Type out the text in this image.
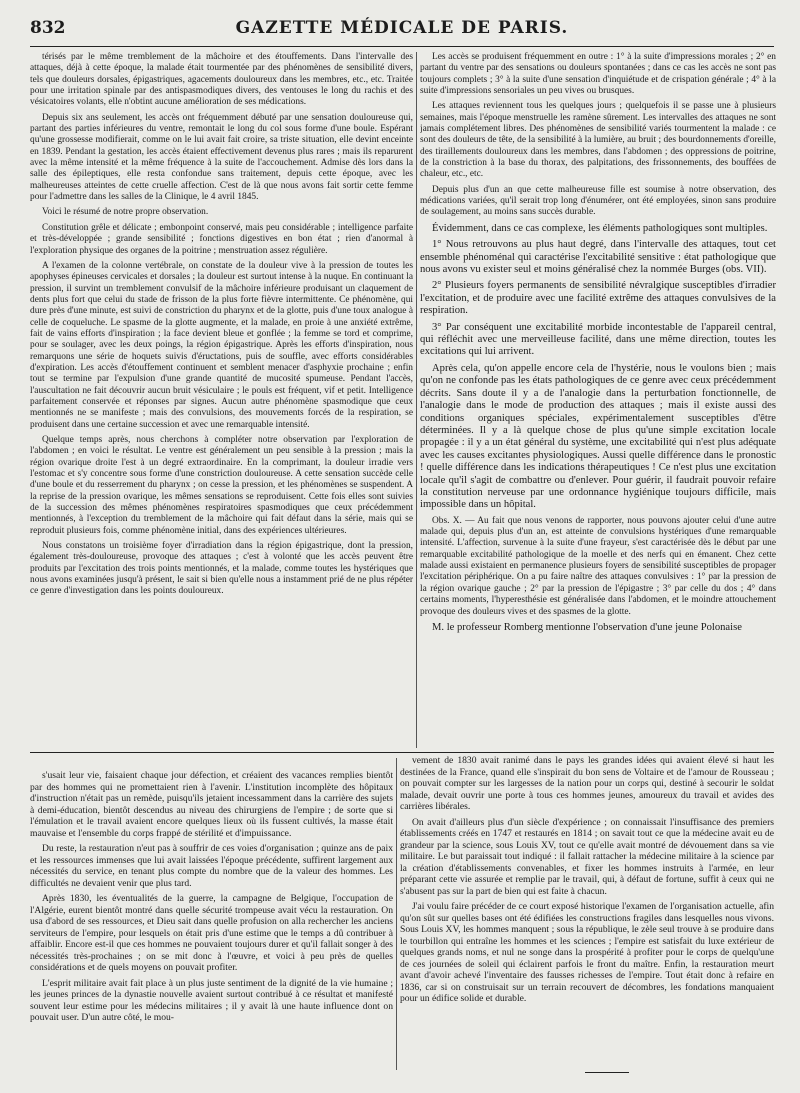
832	GAZETTE MÉDICALE DE PARIS.

térisés par le même tremblement de la mâchoire et des étouffements. Dans l'intervalle des attaques, déjà à cette époque, la malade était tourmentée par des phénomènes de sensibilité divers, tels que douleurs dorsales, épigastriques, agacements douloureux dans les membres, etc., etc. Traitée pour une irritation spinale par des antispasmodiques divers, des ventouses le long du rachis et des vésicatoires volants, elle n'obtint aucune amélioration de ses médications.

Depuis six ans seulement, les accès ont fréquemment débuté par une sensation douloureuse qui, partant des parties inférieures du ventre, remontait le long du col sous forme d'une boule. Espérant qu'une grossesse modifierait, comme on le lui avait fait croire, sa triste situation, elle devint enceinte en 1839. Pendant la gestation, les accès étaient effectivement devenus plus rares ; mais ils reparurent avec la même intensité et la même fréquence à la suite de l'accouchement. Admise dès lors dans la salle des épileptiques, elle resta confondue sans traitement, depuis cette époque, avec les malheureuses atteintes de cette cruelle affection. C'est de là que nous avons fait sortir cette femme pour l'admettre dans les salles de la Clinique, le 4 avril 1845.

Voici le résumé de notre propre observation.

Constitution grêle et délicate ; embonpoint conservé, mais peu considérable ; intelligence parfaite et très-développée ; grande sensibilité ; fonctions digestives en bon état ; rien d'anormal à l'exploration physique des organes de la poitrine ; menstruation assez régulière.

A l'examen de la colonne vertébrale, on constate de la douleur vive à la pression de toutes les apophyses épineuses cervicales et dorsales ; la douleur est surtout intense à la nuque. En continuant la pression, il survint un tremblement convulsif de la mâchoire inférieure produisant un claquement de dents plus fort que celui du stade de frisson de la plus forte fièvre intermittente. Ce phénomène, qui dure près d'une minute, est suivi de constriction du pharynx et de la glotte, puis d'une toux analogue à celle de coqueluche. Le spasme de la glotte augmente, et la malade, en proie à une anxiété extrême, fait de vains efforts d'inspiration ; la face devient bleue et gonflée ; la femme se tord et comprime, pour se soulager, avec les deux poings, la région épigastrique. Après les efforts d'inspiration, nous remarquons une série de hoquets suivis d'éructations, puis de souffle, avec efforts considérables d'expiration. Les accès d'étouffement continuent et semblent menacer d'asphyxie prochaine ; enfin tout se termine par l'expulsion d'une grande quantité de mucosité spumeuse. Pendant l'accès, l'auscultation ne fait découvrir aucun bruit vésiculaire ; le pouls est fréquent, vif et petit. Intelligence parfaitement conservée et réponses par signes. Aucun autre phénomène spasmodique que ceux mentionnés ne se manifeste ; mais des convulsions, des mouvements forcés de la respiration, se produisent dans une certaine succession et avec une remarquable intensité.

Quelque temps après, nous cherchons à compléter notre observation par l'exploration de l'abdomen ; en voici le résultat. Le ventre est généralement un peu sensible à la pression ; mais la région ovarique droite l'est à un degré extraordinaire. En la comprimant, la douleur irradie vers l'estomac et s'y concentre sous forme d'une constriction douloureuse. A cette sensation succède celle d'une boule et du resserrement du pharynx ; on cesse la pression, et les phénomènes se suspendent. A la reprise de la pression ovarique, les mêmes sensations se reproduisent. Cette fois elles sont suivies de la succession des mêmes phénomènes respiratoires spasmodiques que ceux précédemment mentionnés, à l'exception du tremblement de la mâchoire qui fait défaut dans la série, mais qui se reproduit plusieurs fois, comme phénomène initial, dans des expériences ultérieures.

Nous constatons un troisième foyer d'irradiation dans la région épigastrique, dont la pression, également très-douloureuse, provoque des attaques ; c'est à volonté que les accès peuvent être produits par l'excitation des trois points mentionnés, et la malade, comme toutes les hystériques que nous avons examinées jusqu'à présent, le sait si bien qu'elle nous a instamment prié de ne plus répéter ce genre d'investigation dans les points douloureux.

Les accès se produisent fréquemment en outre : 1° à la suite d'impressions morales ; 2° en partant du ventre par des sensations ou douleurs spontanées ; dans ce cas les accès ne sont pas toujours complets ; 3° à la suite d'une sensation d'inquiétude et de crispation générale ; 4° à la suite d'impressions sensoriales un peu vives ou brusques.

Les attaques reviennent tous les quelques jours ; quelquefois il se passe une à plusieurs semaines, mais l'époque menstruelle les ramène sûrement. Les intervalles des attaques ne sont jamais complétement libres. Des phénomènes de sensibilité variés tourmentent la malade : ce sont des douleurs de tête, de la sensibilité à la lumière, au bruit ; des bourdonnements d'oreille, des tiraillements douloureux dans les membres, dans l'abdomen ; des oppressions de poitrine, de la constriction à la base du thorax, des palpitations, des frissonnements, des bouffées de chaleur, etc., etc.

Depuis plus d'un an que cette malheureuse fille est soumise à notre observation, des médications variées, qu'il serait trop long d'énumérer, ont été employées, sinon sans produire de soulagement, au moins sans succès durable.

Évidemment, dans ce cas complexe, les éléments pathologiques sont multiples.

1° Nous retrouvons au plus haut degré, dans l'intervalle des attaques, tout cet ensemble phénoménal qui caractérise l'excitabilité sensitive : état pathologique que nous avons vu exister seul et moins généralisé chez la nommée Burges (obs. VII).

2° Plusieurs foyers permanents de sensibilité névralgique susceptibles d'irradier l'excitation, et de produire avec une facilité extrême des attaques convulsives de la respiration.

3° Par conséquent une excitabilité morbide incontestable de l'appareil central, qui réfléchit avec une merveilleuse facilité, dans une même direction, toutes les excitations qui lui arrivent.

Après cela, qu'on appelle encore cela de l'hystérie, nous le voulons bien ; mais qu'on ne confonde pas les états pathologiques de ce genre avec ceux précédemment décrits. Sans doute il y a de l'analogie dans la perturbation fonctionnelle, de l'analogie dans le mode de production des attaques ; mais il existe aussi des conditions organiques spéciales, expérimentalement susceptibles d'être déterminées. Il y a là quelque chose de plus qu'une simple excitation locale propagée : il y a un état général du système, une excitabilité qui n'est plus adéquate avec les causes excitantes physiologiques. Aussi quelle différence dans le pronostic ! quelle différence dans les indications thérapeutiques ! Ce n'est plus une excitation locale qu'il s'agit de combattre ou d'enlever. Pour guérir, il faudrait pouvoir refaire la constitution nerveuse par une ordonnance hygiénique toujours difficile, mais impossible dans un hôpital.

Obs. X. — Au fait que nous venons de rapporter, nous pouvons ajouter celui d'une autre malade qui, depuis plus d'un an, est atteinte de convulsions hystériques d'une remarquable intensité. L'affection, survenue à la suite d'une frayeur, s'est caractérisée dès le début par une remarquable excitabilité pathologique de la moelle et des nerfs qui en émanent. Chez cette malade aussi existaient en permanence plusieurs foyers de sensibilité susceptibles de propager l'excitation périphérique. On a pu faire naître des attaques convulsives : 1° par la pression de la région ovarique gauche ; 2° par la pression de l'épigastre ; 3° par celle du dos ; 4° dans certains moments, l'hyperesthésie est généralisée dans l'abdomen, et le moindre attouchement provoque des douleurs vives et des spasmes de la glotte.

M. le professeur Romberg mentionne l'observation d'une jeune Polonaise

s'usait leur vie, faisaient chaque jour défection, et créaient des vacances remplies bientôt par des hommes qui ne promettaient rien à l'avenir. L'institution incomplète des hôpitaux d'instruction n'était pas un remède, puisqu'ils jetaient incessamment dans la carrière des sujets à demi-éducation, bientôt descendus au niveau des chirurgiens de l'empire ; de sorte que si l'émulation et le travail avaient encore quelques lieux où ils fussent cultivés, la masse était mauvaise et l'ensemble du corps frappé de stérilité et d'impuissance.

Du reste, la restauration n'eut pas à souffrir de ces voies d'organisation ; quinze ans de paix et les ressources immenses que lui avait laissées l'époque précédente, suffirent largement aux nécessités du service, en tenant plus compte du nombre que de la valeur des hommes. Les difficultés ne devaient venir que plus tard.

Après 1830, les éventualités de la guerre, la campagne de Belgique, l'occupation de l'Algérie, eurent bientôt montré dans quelle sécurité trompeuse avait vécu la restauration. On usa d'abord de ses ressources, et Dieu sait dans quelle profusion on alla rechercher les anciens serviteurs de l'empire, pour lesquels on était pris d'une estime que le temps a dû contribuer à affaiblir. Encore est-il que ces hommes ne pouvaient toujours durer et qu'il fallait songer à des nécessités très-prochaines ; on se mit donc à l'œuvre, et voici à peu près de quelles considérations et de quels moyens on pouvait profiter.

L'esprit militaire avait fait place à un plus juste sentiment de la dignité de la vie humaine ; les jeunes princes de la dynastie nouvelle avaient surtout contribué à ce résultat et manifesté souvent leur estime pour les médecins militaires ; il y avait là une haute influence dont on pouvait user. D'un autre côté, le mou-

vement de 1830 avait ranimé dans le pays les grandes idées qui avaient élevé si haut les destinées de la France, quand elle s'inspirait du bon sens de Voltaire et de l'amour de Rousseau ; on pouvait compter sur les largesses de la nation pour un corps qui, destiné à secourir le soldat malade, devait ouvrir une porte à tous ces hommes jeunes, amoureux du travail et avides des carrières libérales.

On avait d'ailleurs plus d'un siècle d'expérience ; on connaissait l'insuffisance des premiers établissements créés en 1747 et restaurés en 1814 ; on savait tout ce que la médecine avait eu de grandeur par la science, sous Louis XV, tout ce qu'elle avait montré de dévouement dans sa vie militaire. Le but paraissait tout indiqué : il fallait rattacher la médecine militaire à la science par la création d'établissements convenables, et fixer les hommes instruits à l'armée, en leur préparant cette vie assurée et remplie par le travail, qui, à défaut de fortune, suffit à ceux qui ne s'abusent pas sur la part de bien qui est faite à chacun.

J'ai voulu faire précéder de ce court exposé historique l'examen de l'organisation actuelle, afin qu'on sût sur quelles bases ont été édifiées les constructions fragiles dans lesquelles nous vivons. Sous Louis XV, les hommes manquent ; sous la république, le zèle seul trouve à se produire dans le tourbillon qui entraîne les hommes et les sciences ; l'empire est satisfait du luxe extérieur de quelques grands noms, et nul ne songe dans la prospérité à profiter pour le corps de quelqu'une de ces journées de soleil qui éclairent parfois le front du maître. Enfin, la restauration meurt avant d'avoir achevé l'inventaire des fausses richesses de l'empire. Tout était donc à refaire en 1836, car si on construisait sur un terrain recouvert de décombres, les fondations manquaient pour un édifice solide et durable.
